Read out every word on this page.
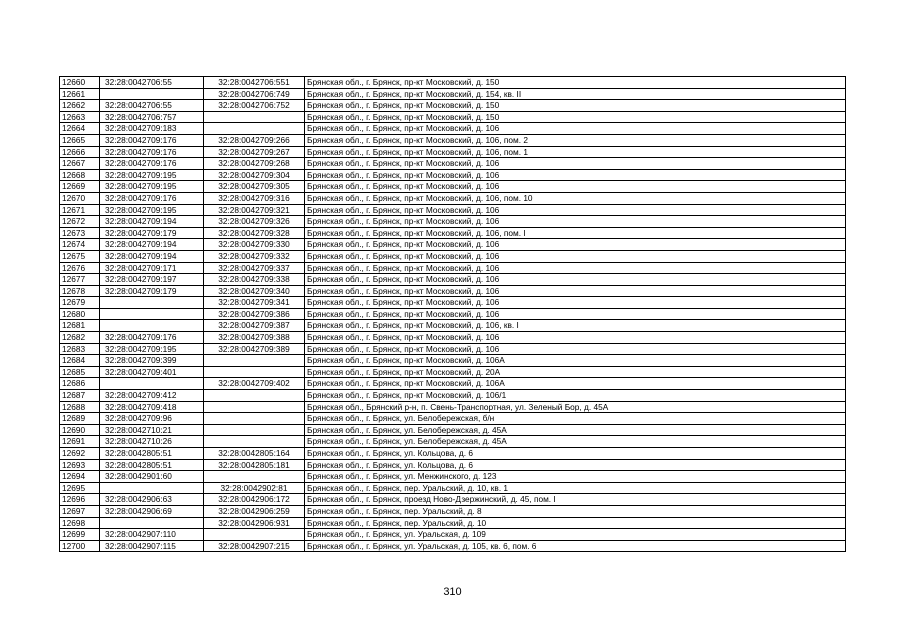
12660	32:28:0042706:55	32:28:0042706:551	Брянская обл., г. Брянск, пр-кт Московский, д. 150
12661		32:28:0042706:749	Брянская обл., г. Брянск, пр-кт Московский, д. 154, кв. II
12662	32:28:0042706:55	32:28:0042706:752	Брянская обл., г. Брянск, пр-кт Московский, д. 150
12663	32:28:0042706:757		Брянская обл., г. Брянск, пр-кт Московский, д. 150
12664	32:28:0042709:183		Брянская обл., г. Брянск, пр-кт Московский, д. 106
12665	32:28:0042709:176	32:28:0042709:266	Брянская обл., г. Брянск, пр-кт Московский, д. 106, пом. 2
12666	32:28:0042709:176	32:28:0042709:267	Брянская обл., г. Брянск, пр-кт Московский, д. 106, пом. 1
12667	32:28:0042709:176	32:28:0042709:268	Брянская обл., г. Брянск, пр-кт Московский, д. 106
12668	32:28:0042709:195	32:28:0042709:304	Брянская обл., г. Брянск, пр-кт Московский, д. 106
12669	32:28:0042709:195	32:28:0042709:305	Брянская обл., г. Брянск, пр-кт Московский, д. 106
12670	32:28:0042709:176	32:28:0042709:316	Брянская обл., г. Брянск, пр-кт Московский, д. 106, пом. 10
12671	32:28:0042709:195	32:28:0042709:321	Брянская обл., г. Брянск, пр-кт Московский, д. 106
12672	32:28:0042709:194	32:28:0042709:326	Брянская обл., г. Брянск, пр-кт Московский, д. 106
12673	32:28:0042709:179	32:28:0042709:328	Брянская обл., г. Брянск, пр-кт Московский, д. 106, пом. I
12674	32:28:0042709:194	32:28:0042709:330	Брянская обл., г. Брянск, пр-кт Московский, д. 106
12675	32:28:0042709:194	32:28:0042709:332	Брянская обл., г. Брянск, пр-кт Московский, д. 106
12676	32:28:0042709:171	32:28:0042709:337	Брянская обл., г. Брянск, пр-кт Московский, д. 106
12677	32:28:0042709:197	32:28:0042709:338	Брянская обл., г. Брянск, пр-кт Московский, д. 106
12678	32:28:0042709:179	32:28:0042709:340	Брянская обл., г. Брянск, пр-кт Московский, д. 106
12679		32:28:0042709:341	Брянская обл., г. Брянск, пр-кт Московский, д. 106
12680		32:28:0042709:386	Брянская обл., г. Брянск, пр-кт Московский, д. 106
12681		32:28:0042709:387	Брянская обл., г. Брянск, пр-кт Московский, д. 106, кв. I
12682	32:28:0042709:176	32:28:0042709:388	Брянская обл., г. Брянск, пр-кт Московский, д. 106
12683	32:28:0042709:195	32:28:0042709:389	Брянская обл., г. Брянск, пр-кт Московский, д. 106
12684	32:28:0042709:399		Брянская обл., г. Брянск, пр-кт Московский, д. 106А
12685	32:28:0042709:401		Брянская обл., г. Брянск, пр-кт Московский, д. 20А
12686		32:28:0042709:402	Брянская обл., г. Брянск, пр-кт Московский, д. 106А
12687	32:28:0042709:412		Брянская обл., г. Брянск, пр-кт Московский, д. 106/1
12688	32:28:0042709:418		Брянская обл., Брянский р-н, п. Свень-Транспортная, ул. Зеленый Бор, д. 45А
12689	32:28:0042709:96		Брянская обл., г. Брянск, ул. Белобережская, б/н
12690	32:28:0042710:21		Брянская обл., г. Брянск, ул. Белобережская, д. 45А
12691	32:28:0042710:26		Брянская обл., г. Брянск, ул. Белобережская, д. 45А
12692	32:28:0042805:51	32:28:0042805:164	Брянская обл., г. Брянск, ул. Кольцова, д. 6
12693	32:28:0042805:51	32:28:0042805:181	Брянская обл., г. Брянск, ул. Кольцова, д. 6
12694	32:28:0042901:60		Брянская обл., г. Брянск, ул. Менжинского, д. 123
12695		32:28:0042902:81	Брянская обл., г. Брянск, пер. Уральский, д. 10, кв. 1
12696	32:28:0042906:63	32:28:0042906:172	Брянская обл., г. Брянск, проезд Ново-Дзержинский, д. 45, пом. I
12697	32:28:0042906:69	32:28:0042906:259	Брянская обл., г. Брянск, пер. Уральский, д. 8
12698		32:28:0042906:931	Брянская обл., г. Брянск, пер. Уральский, д. 10
12699	32:28:0042907:110		Брянская обл., г. Брянск, ул. Уральская, д. 109
12700	32:28:0042907:115	32:28:0042907:215	Брянская обл., г. Брянск, ул. Уральская, д. 105, кв. 6, пом. 6
310
